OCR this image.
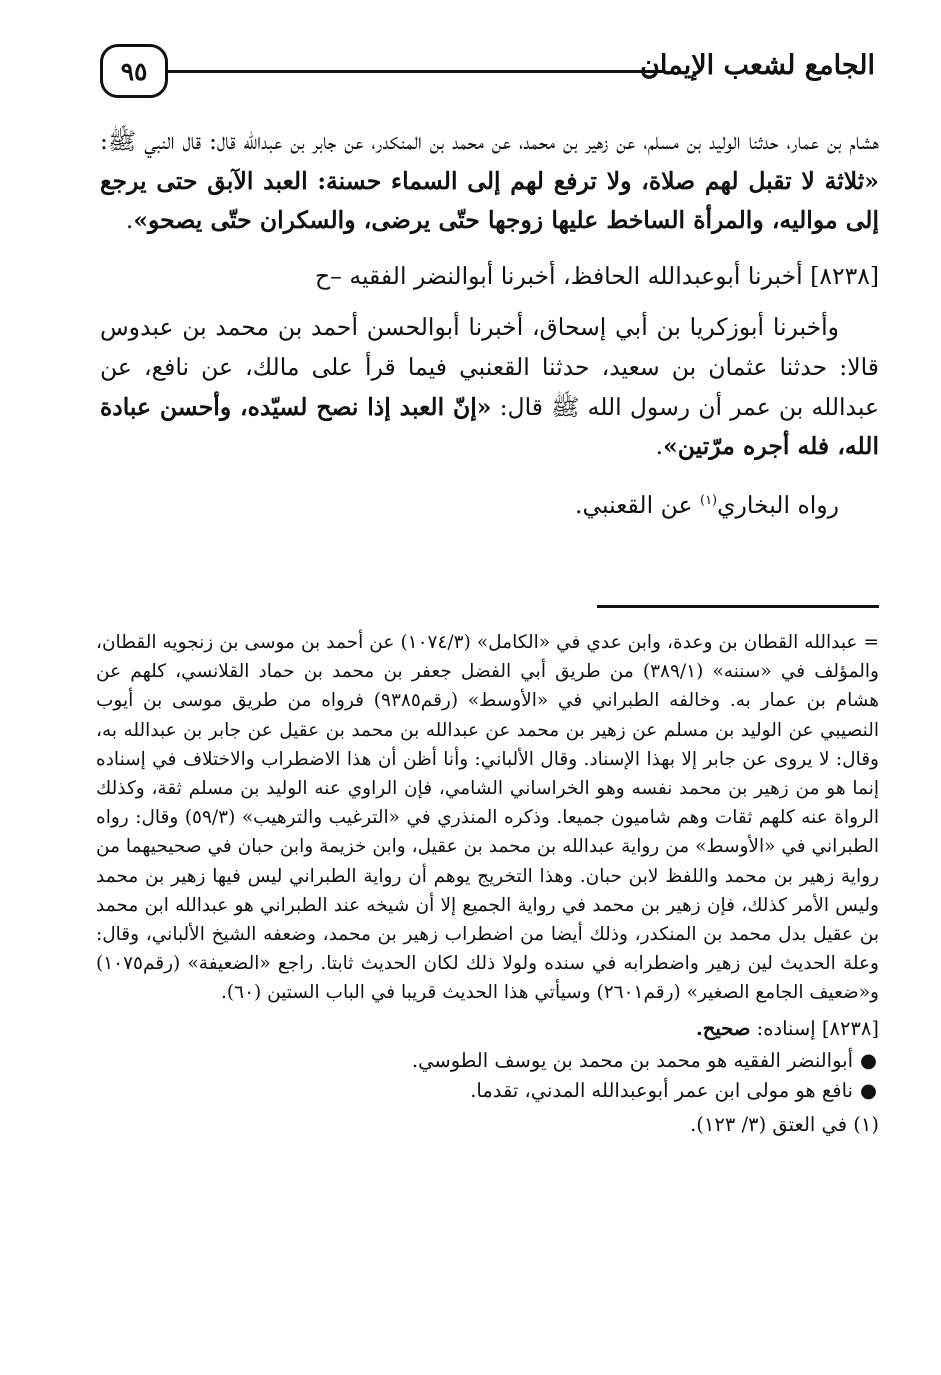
الجامع لشعب الإيمان
٩٥

هشام بن عمار، حدثنا الوليد بن مسلم، عن زهير بن محمد، عن محمد بن المنكدر، عن جابر بن عبدالله قال: قال النبي ﷺ: «ثلاثة لا تقبل لهم صلاة، ولا ترفع لهم إلى السماء حسنة: العبد الآبق حتى يرجع إلى مواليه، والمرأة الساخط عليها زوجها حتّى يرضى، والسكران حتّى يصحو».

[٨٢٣٨] أخبرنا أبوعبدالله الحافظ، أخبرنا أبوالنضر الفقيه –ح

وأخبرنا أبوزكريا بن أبي إسحاق، أخبرنا أبوالحسن أحمد بن محمد بن عبدوس قالا: حدثنا عثمان بن سعيد، حدثنا القعنبي فيما قرأ على مالك، عن نافع، عن عبدالله بن عمر أن رسول الله ﷺ قال: «إنّ العبد إذا نصح لسيّده، وأحسن عبادة الله، فله أجره مرّتين».

رواه البخاري$^{(١)}$ عن القعنبي.

= عبدالله القطان بن وعدة، وابن عدي في «الكامل» (١٠٧٤/٣) عن أحمد بن موسى بن زنجويه القطان، والمؤلف في «سننه» (٣٨٩/١) من طريق أبي الفضل جعفر بن محمد بن حماد القلانسي، كلهم عن هشام بن عمار به. وخالفه الطبراني في «الأوسط» (رقم٩٣٨٥) فرواه من طريق موسى بن أيوب النصيبي عن الوليد بن مسلم عن زهير بن محمد عن عبدالله بن محمد بن عقيل عن جابر بن عبدالله به، وقال: لا يروى عن جابر إلا بهذا الإسناد. وقال الألباني: وأنا أظن أن هذا الاضطراب والاختلاف في إسناده إنما هو من زهير بن محمد نفسه وهو الخراساني الشامي، فإن الراوي عنه الوليد بن مسلم ثقة، وكذلك الرواة عنه كلهم ثقات وهم شاميون جميعا. وذكره المنذري في «الترغيب والترهيب» (٥٩/٣) وقال: رواه الطبراني في «الأوسط» من رواية عبدالله بن محمد بن عقيل، وابن خزيمة وابن حبان في صحيحيهما من رواية زهير بن محمد واللفظ لابن حبان. وهذا التخريج يوهم أن رواية الطبراني ليس فيها زهير بن محمد وليس الأمر كذلك، فإن زهير بن محمد في رواية الجميع إلا أن شيخه عند الطبراني هو عبدالله ابن محمد بن عقيل بدل محمد بن المنكدر، وذلك أيضا من اضطراب زهير بن محمد، وضعفه الشيخ الألباني، وقال: وعلة الحديث لين زهير واضطرابه في سنده ولولا ذلك لكان الحديث ثابتا. راجع «الضعيفة» (رقم١٠٧٥) و«ضعيف الجامع الصغير» (رقم٢٦٠١) وسيأتي هذا الحديث قريبا في الباب الستين (٦٠).

[٨٢٣٨] إسناده: صحيح.

●
أبوالنضر الفقيه هو محمد بن محمد بن يوسف الطوسي.
●
نافع هو مولى ابن عمر أبوعبدالله المدني، تقدما.

(١) في العتق (٣/ ١٢٣).
